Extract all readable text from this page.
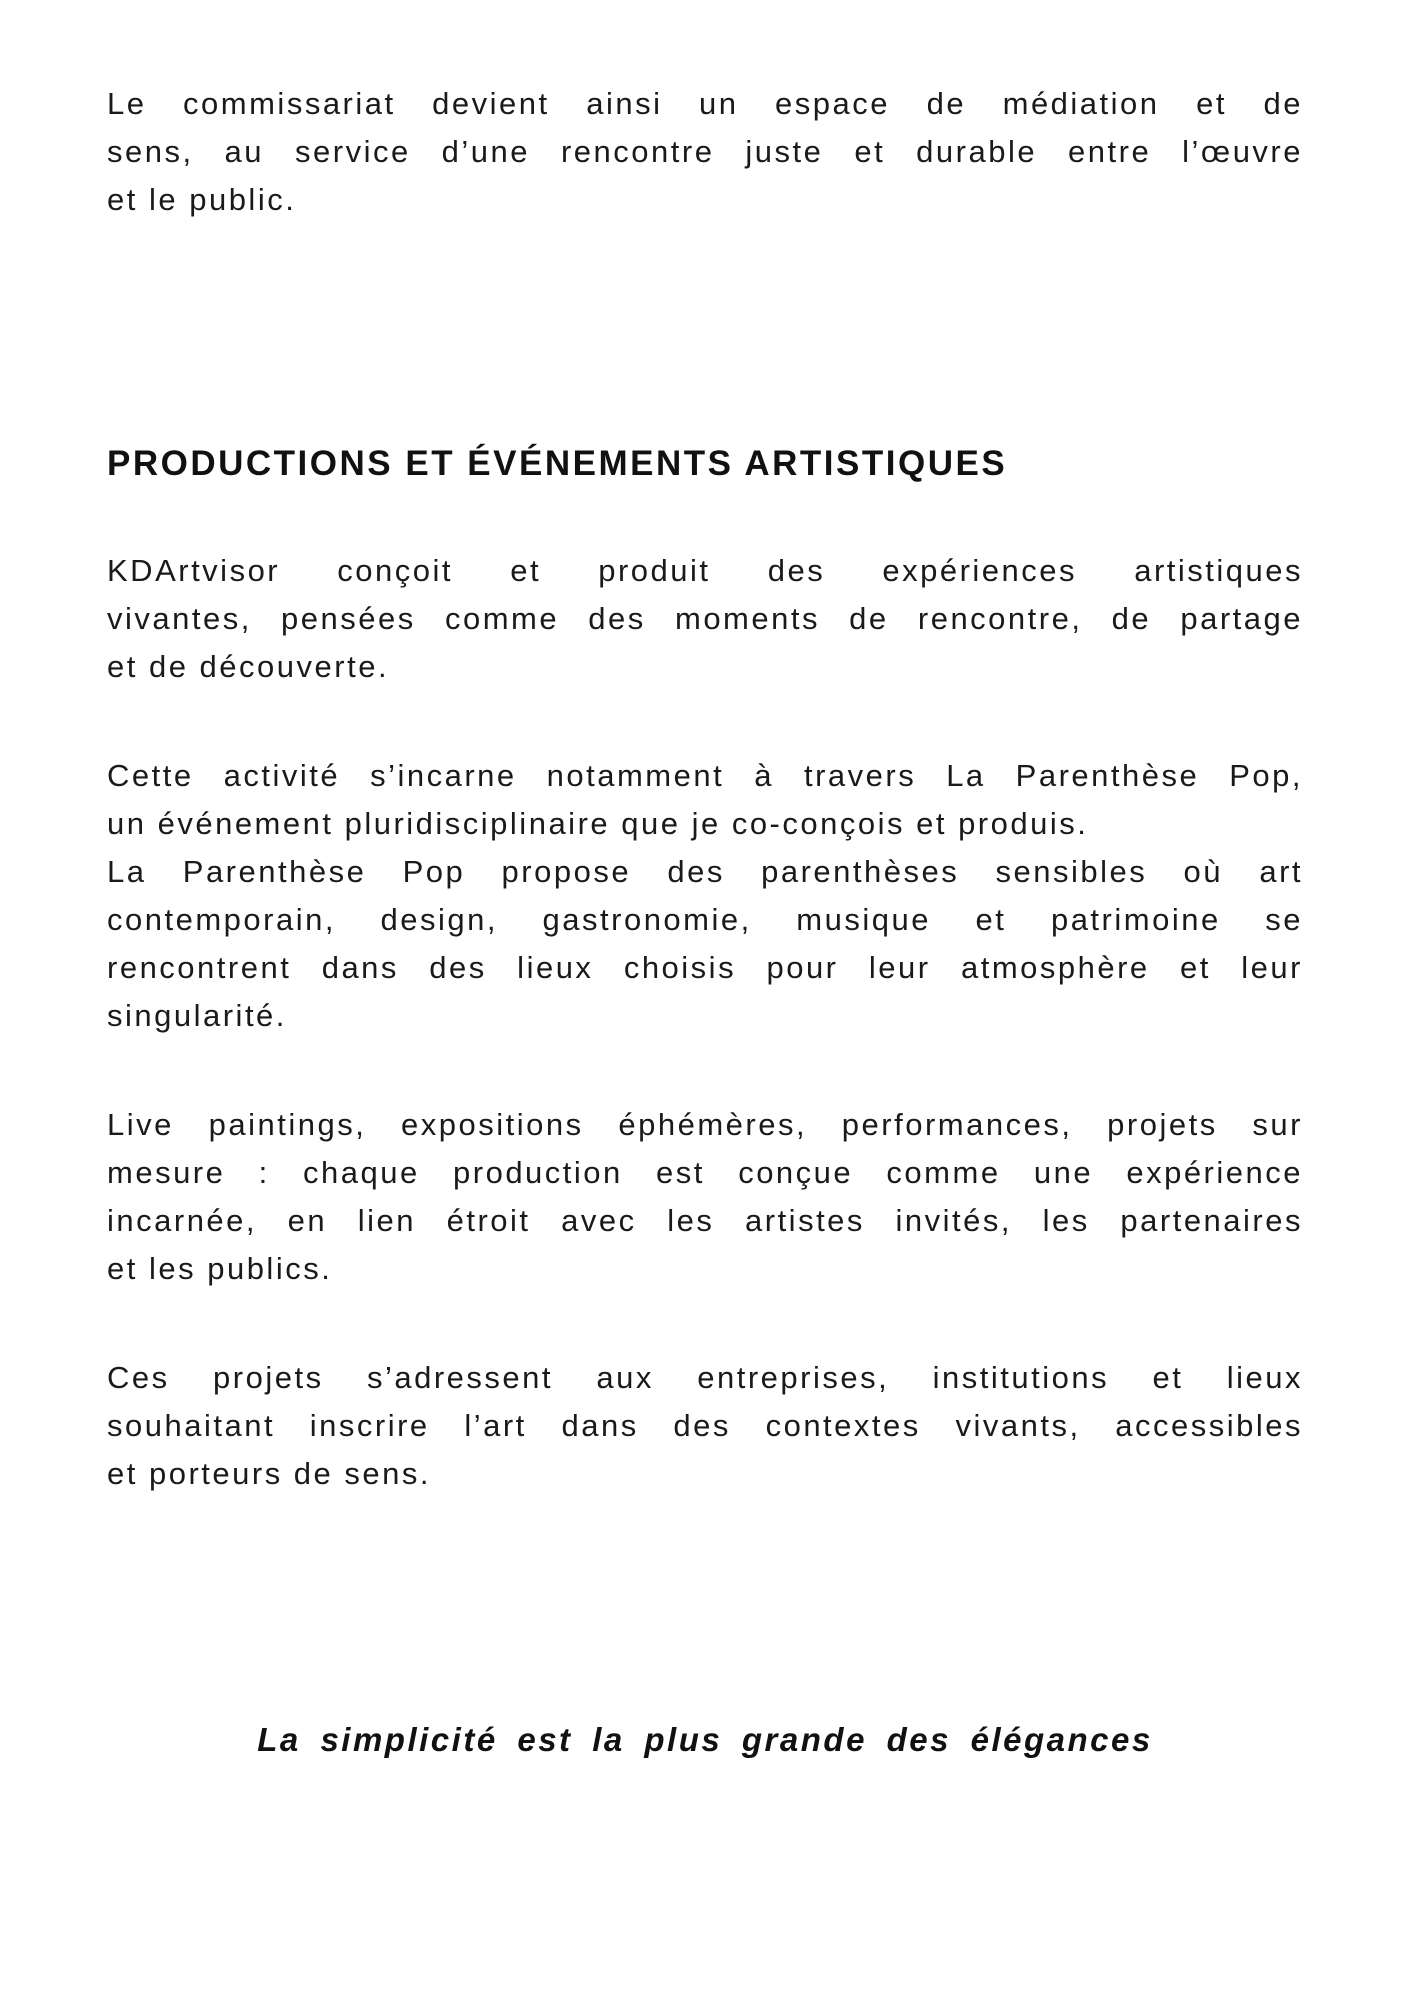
Le commissariat devient ainsi un espace de médiation et de
sens, au service d’une rencontre juste et durable entre l’œuvre
et le public.
PRODUCTIONS ET ÉVÉNEMENTS ARTISTIQUES
KDArtvisor conçoit et produit des expériences artistiques
vivantes, pensées comme des moments de rencontre, de partage
et de découverte.
Cette activité s’incarne notamment à travers La Parenthèse Pop,
un événement pluridisciplinaire que je co-conçois et produis.
La Parenthèse Pop propose des parenthèses sensibles où art
contemporain, design, gastronomie, musique et patrimoine se
rencontrent dans des lieux choisis pour leur atmosphère et leur
singularité.
Live paintings, expositions éphémères, performances, projets sur
mesure : chaque production est conçue comme une expérience
incarnée, en lien étroit avec les artistes invités, les partenaires
et les publics.
Ces projets s’adressent aux entreprises, institutions et lieux
souhaitant inscrire l’art dans des contextes vivants, accessibles
et porteurs de sens.
La simplicité est la plus grande des élégances
